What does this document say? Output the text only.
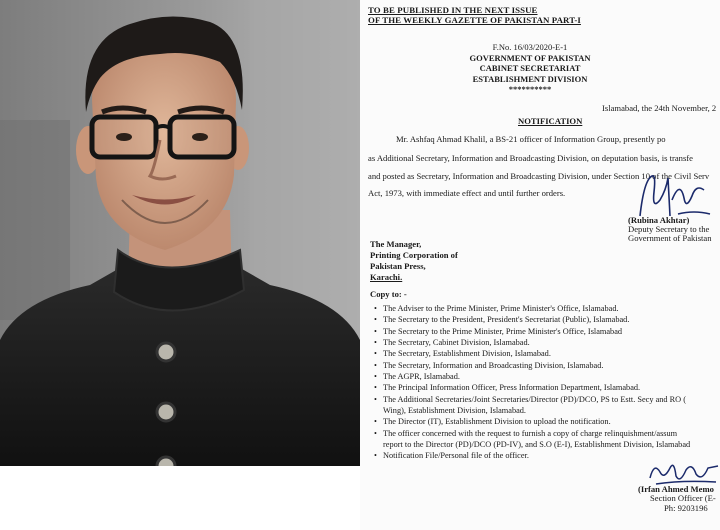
TO BE PUBLISHED IN THE NEXT ISSUE
OF THE WEEKLY GAZETTE OF PAKISTAN PART-I
F.No. 16/03/2020-E-1
GOVERNMENT OF PAKISTAN
CABINET SECRETARIAT
ESTABLISHMENT DIVISION
**********
Islamabad, the 24th November, 2
NOTIFICATION
Mr. Ashfaq Ahmad Khalil, a BS-21 officer of Information Group, presently po
as Additional Secretary, Information and Broadcasting Division, on deputation basis, is transfe
and posted as Secretary, Information and Broadcasting Division, under Section 10 of the Civil Serv
Act, 1973, with immediate effect and until further orders.
(Rubina Akhtar)
Deputy Secretary to the
Government of Pakistan
The Manager,
Printing Corporation of
Pakistan Press,
Karachi.
Copy to: -
• The Adviser to the Prime Minister, Prime Minister's Office, Islamabad.
• The Secretary to the President, President's Secretariat (Public), Islamabad.
• The Secretary to the Prime Minister, Prime Minister's Office, Islamabad
• The Secretary, Cabinet Division, Islamabad.
• The Secretary, Establishment Division, Islamabad.
• The Secretary, Information and Broadcasting Division, Islamabad.
• The AGPR, Islamabad.
• The Principal Information Officer, Press Information Department, Islamabad.
• The Additional Secretaries/Joint Secretaries/Director (PD)/DCO, PS to Estt. Secy and RO (
Wing), Establishment Division, Islamabad.
• The Director (IT), Establishment Division to upload the notification.
• The officer concerned with the request to furnish a copy of charge relinquishment/assum
report to the Director (PD)/DCO (PD-IV), and S.O (E-I), Establishment Division, Islamabad
• Notification File/Personal file of the officer.
(Irfan Ahmed Memo
Section Officer (E-
Ph: 9203196
